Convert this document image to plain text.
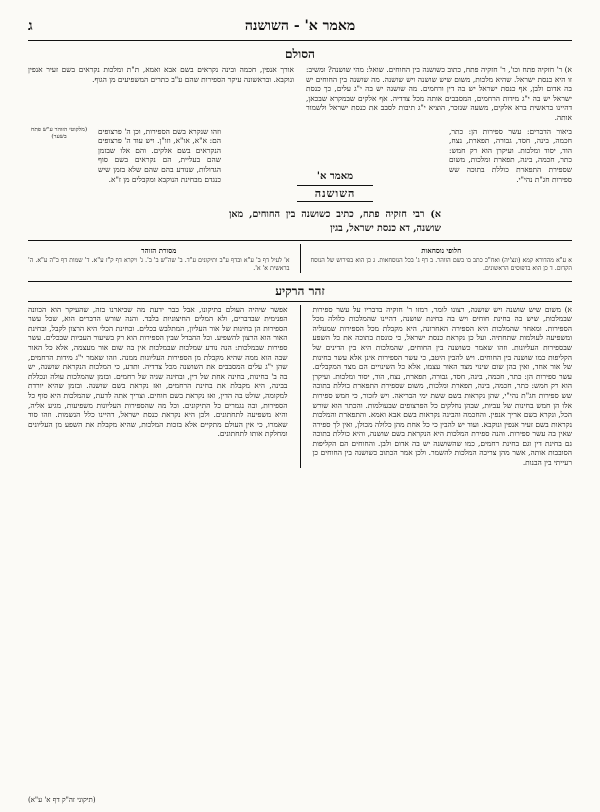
מאמר א' - השושנה
ג
הסולם

א) ר' חזקיה פתח וכו', ר' חזקיה פתח, כתוב כשושנה בין החוחים. שואל: מהי שושנה? ומשיב: זו היא כנסת ישראל. שהיא מלכות, משום שיש שושנה ויש שושנה. מה שושנה בין החוחים יש בה אדום ולבן, אף כנסת ישראל יש בה דין ורחמים. מה שושנה יש בה י"ג עלים, כך כנסת ישראל יש בה י"ג מידות הרחמים, המסבבים אותה מכל צדדיה. אף אלקים שבמקרא שבכאן, דהיינו בראשית ברא אלקים, משעה שנזכר, הוציא י"ג תיבות לסבב את כנסת ישראל ולשמור אותה.

אורך אנפין, חכמה ובינה נקראים בשם אבא ואמא, ת"ת ומלכות נקראים בשם זעיר אנפין ונוקבא. ובראשונה עיקר הספירות שהם ע"ב כתרים המשפיעים מן הגוף.

ביאור הדברים: עשר ספירות הן: כתר, חכמה, בינה, חסד, גבורה, תפארת, נצח, הוד, יסוד ומלכות. ועיקרן הוא רק חמש: כתר, חכמה, בינה, תפארת ומלכות, משום שספירת התפארת כוללת בתוכה שש ספירות חג"ת נהי"י.

מאמר א'
השושנה
א) רבי חזקיה פתח, כתיב כשושנה בין החוחים, מאן שושנה, דא כנסת ישראל, בגין

וזהו שנקרא בשם הספירות, וכן ה' פרצופים הם: א"א, או"א, וזו"ן. ויש עוד ה' פרצופים הנקראים בשם אלקים. והם אלו שבזמן שהם בעליית, הם נקראים בשם סוף הגדולות, שנודע בהם שהם שלא בזמן שיש כנגדם מבחינת הנוקבא ומקבלים מן ז"א.

(מלקוטי הזוהר ע"ש פתח בשער)
חלופי נוסחאות

א ע"א מהדורא קמא (ונצ'יה) ואח"כ כתב בו בשם הזוהר. ב דף ג' בכל הנוסחאות. ג כן הוא בפירוש של הנוסח הקדום. ד כן הוא בדפוסים הראשונים.

מסורת הזוהר

א' לעיל דף ב' ע"א ובדף ע"ב ותיקונים ע"ד. ב' שה"ש ב' ב'. ג' ויקרא דף ק"ז ע"א. ד' שמות דף כ"ה ע"א. ה' בראשית א' א'.

זהר הרקיע

א) משום שיש שושנה ויש שושנה, רצונו לומר, רמזו ר' חזקיה בדבריו על עשר ספירות שבמלכות, שיש בה בחינת חוחים ויש בה בחינת שושנה, דהיינו שהמלכות כלולה מכל הספירות. ומאחר שהמלכות היא הספירה האחרונה, היא מקבלת מכל הספירות שמעליה ומשפיעה לעולמות שתחתיה. ועל כן נקראת כנסת ישראל, כי כונסת בתוכה את כל השפע שבספירות העליונות. וזהו שאמר כשושנה בין החוחים, שהמלכות היא בין הדינים של הקליפות כמו שושנה בין החוחים. ויש להבין היטב, כי עשר הספירות אינן אלא עשר בחינות של אור אחד, ואין בהן שום שינוי מצד האור עצמו, אלא כל השינויים הם מצד המקבלים. עשר ספירות הן: כתר, חכמה, בינה, חסד, גבורה, תפארת, נצח, הוד, יסוד ומלכות. ועיקרן הוא רק חמש: כתר, חכמה, בינה, תפארת ומלכות, משום שספירת התפארת כוללת בתוכה שש ספירות חג"ת נהי"י, שהן נקראות בשם ששת ימי הבריאה. ויש לזכור, כי חמש ספירות אלו הן חמש בחינות של עביות, שבהן נחלקים כל הפרצופים שבעולמות. והכתר הוא שורש הכל, ונקרא בשם אריך אנפין. והחכמה והבינה נקראות בשם אבא ואמא. והתפארת והמלכות נקראות בשם זעיר אנפין ונוקבא. ועוד יש להבין כי כל אחת מהן כלולה מכולן, ואין לך ספירה שאין בה עשר ספירות. והנה ספירת המלכות היא הנקראת בשם שושנה, והיא כוללת בתוכה גם בחינת דין וגם בחינת רחמים, כמו שהשושנה יש בה אדום ולבן. והחוחים הם הקליפות הסובבות אותה, אשר מהן צריכה המלכות להשמר. ולכן אמר הכתוב כשושנה בין החוחים כן רעייתי בין הבנות.

אפשר שיהיה העולם בתיקונו, אבל כבר ידעת מה שביארנו בזה, שהעיקר הוא הכוונה הפנימית שבדברים, ולא המלים החיצוניות בלבד. והנה שורש הדברים הוא, שכל עשר הספירות הן בחינות של אור העליון, המתלבש בכלים. ובחינת הכלי היא הרצון לקבל, ובחינת האור הוא הרצון להשפיע. וכל ההבדל שבין הספירות הוא רק בשיעור העביות שבכלים. עשר ספירות שבמלכות: הנה נודע שמלכות שבמלכות אין בה שום אור מעצמה, אלא כל האור שבה הוא ממה שהיא מקבלת מן הספירות העליונות ממנה. וזהו שאמר י"ג מידות הרחמים, שהן י"ג עלים המסבבים את השושנה מכל צדדיה. ותדע, כי המלכות הנקראת שושנה, יש בה ב' בחינות, בחינה אחת של דין, ובחינה שניה של רחמים. ובזמן שהמלכות עולה ונכללת בבינה, היא מקבלת את בחינת הרחמים, ואז נקראת בשם שושנה. ובזמן שהיא יורדת למקומה, שולט בה הדין, ואז נקראת בשם חוחים. וצריך אתה לדעת, שהמלכות היא סוף כל הספירות, ובה נגמרים כל התיקונים. וכל מה שהספירות העליונות משפיעות, מגיע אליה, והיא משפיעה לתחתונים. ולכן היא נקראת כנסת ישראל, דהיינו כלל הנשמות. וזהו סוד שאמרו, כי אין העולם מתקיים אלא בזכות המלכות, שהיא מקבלת את השפע מן העליונים ומחלקת אותו לתחתונים.

(תיקוני זה"ק דף א' ע"א)
